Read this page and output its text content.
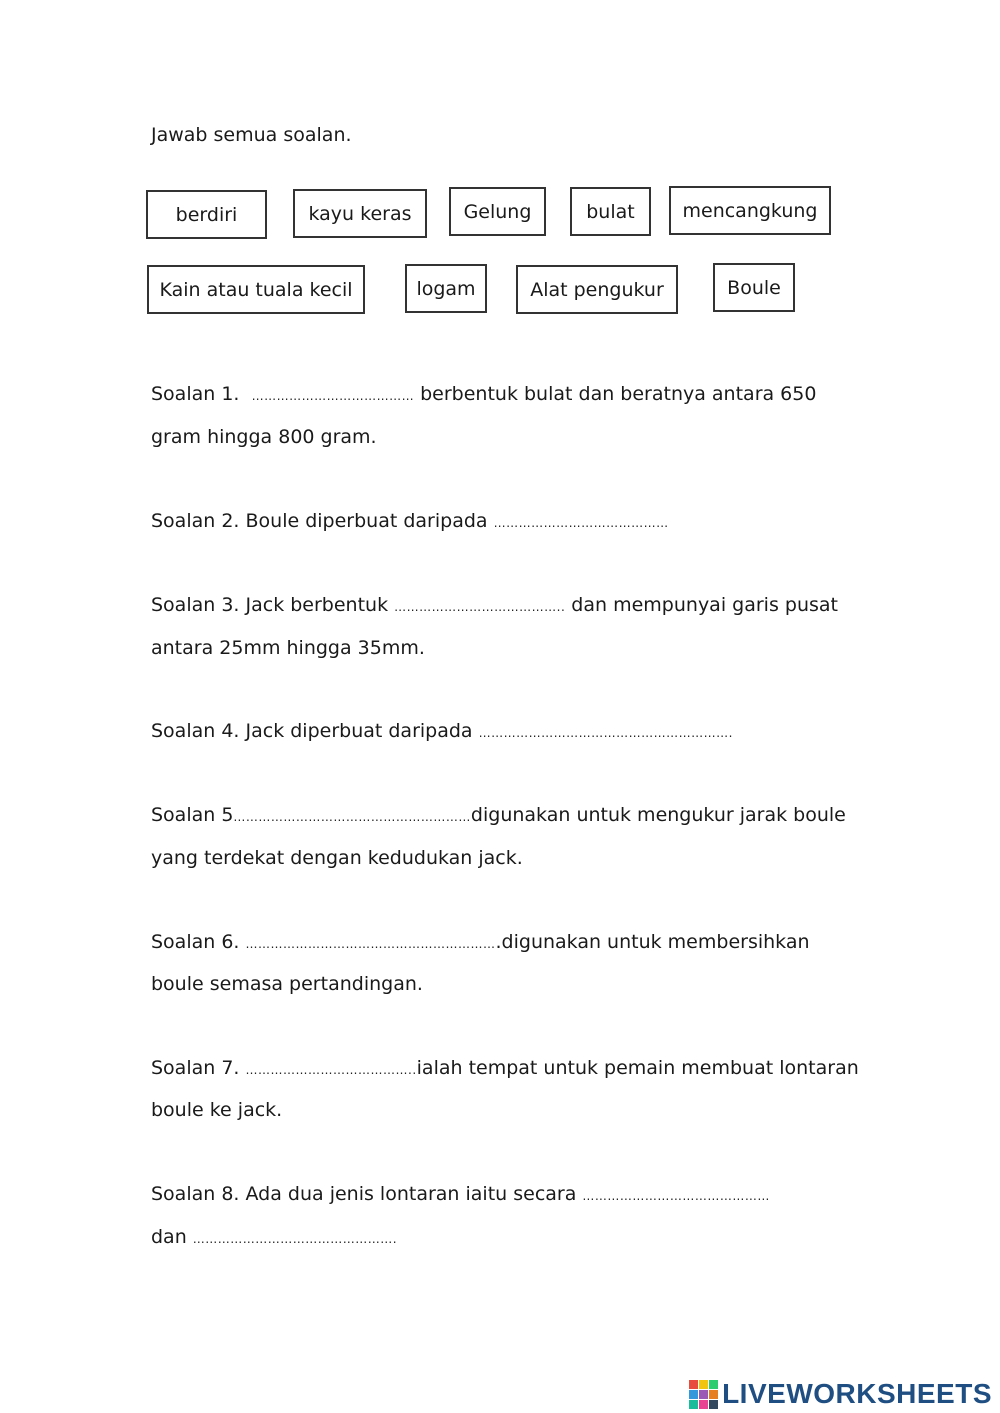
Jawab semua soalan.
berdiri	kayu keras	Gelung	bulat	mencangkung
Kain atau tuala kecil	logam	Alat pengukur	Boule
Soalan 1. ………………………………… berbentuk bulat dan beratnya antara 650
gram hingga 800 gram.
Soalan 2. Boule diperbuat daripada ……………………………………
Soalan 3. Jack berbentuk ………………………………….. dan mempunyai garis pusat
antara 25mm hingga 35mm.
Soalan 4. Jack diperbuat daripada …………………………………………………….
Soalan 5…………………………………………………digunakan untuk mengukur jarak boule
yang terdekat dengan kedudukan jack.
Soalan 6. …………………………………………………….digunakan untuk membersihkan
boule semasa pertandingan.
Soalan 7. …………………………………..ialah tempat untuk pemain membuat lontaran
boule ke jack.
Soalan 8. Ada dua jenis lontaran iaitu secara ………………………………………
dan ………………………………………….
LIVEWORKSHEETS
